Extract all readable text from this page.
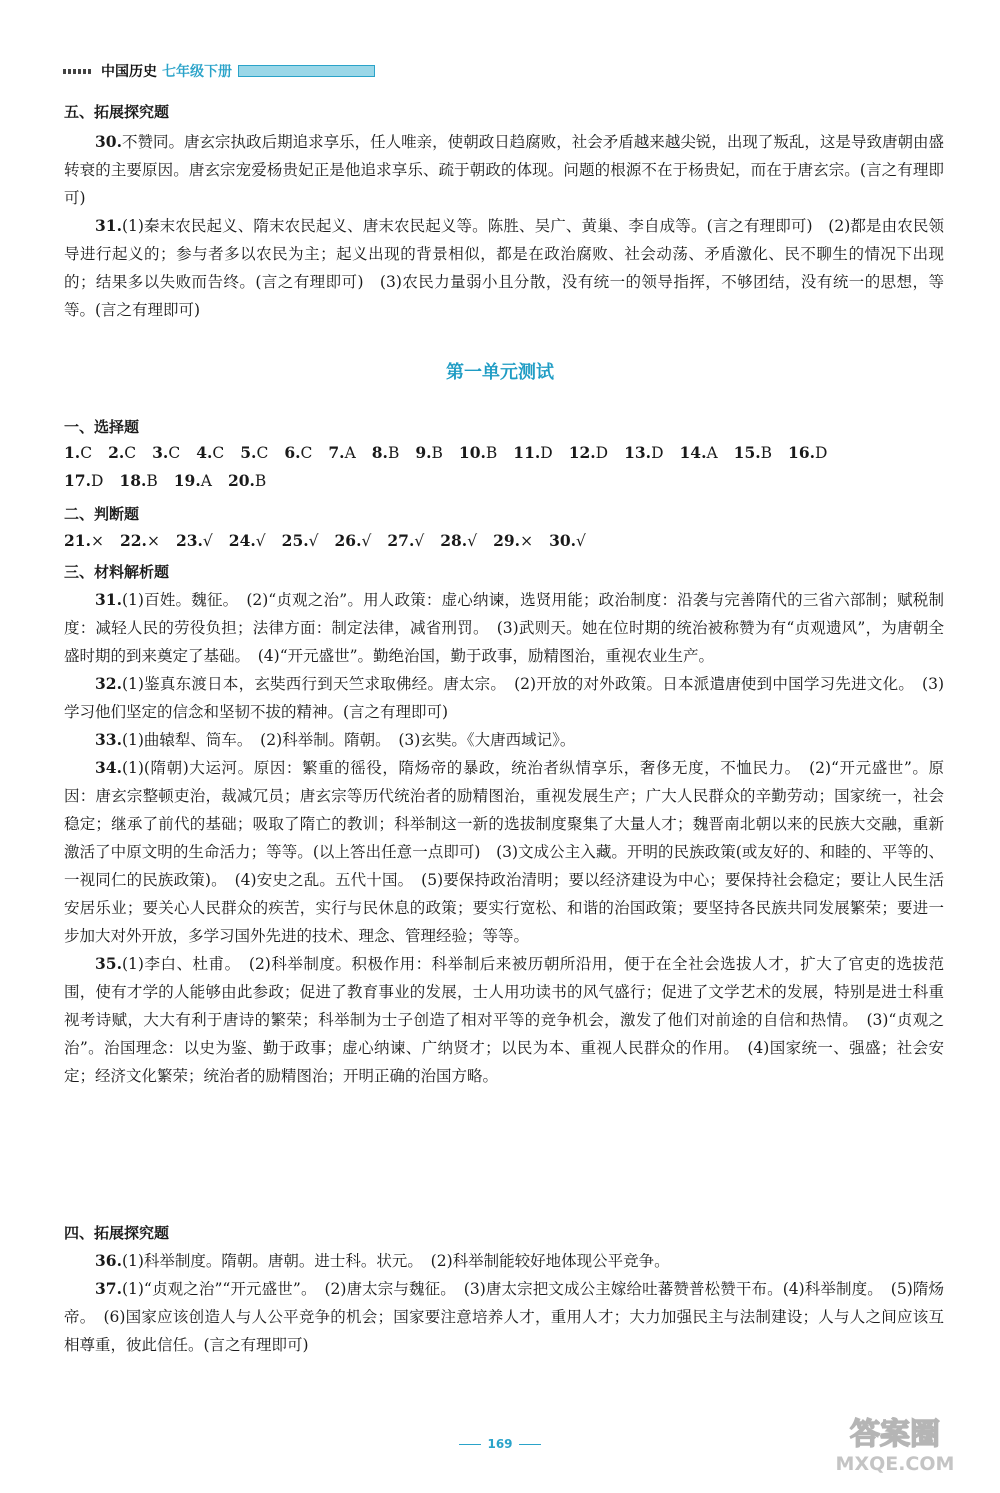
中国历史 七年级下册

五、拓展探究题

30.不赞同。唐玄宗执政后期追求享乐，任人唯亲，使朝政日趋腐败，社会矛盾越来越尖锐，出现了叛乱，这是导致唐朝由盛转衰的主要原因。唐玄宗宠爱杨贵妃正是他追求享乐、疏于朝政的体现。问题的根源不在于杨贵妃，而在于唐玄宗。(言之有理即可)

31.(1)秦末农民起义、隋末农民起义、唐末农民起义等。陈胜、吴广、黄巢、李自成等。(言之有理即可)　(2)都是由农民领导进行起义的；参与者多以农民为主；起义出现的背景相似，都是在政治腐败、社会动荡、矛盾激化、民不聊生的情况下出现的；结果多以失败而告终。(言之有理即可)　(3)农民力量弱小且分散，没有统一的领导指挥，不够团结，没有统一的思想，等等。(言之有理即可)

第一单元测试

一、选择题

1.C 2.C 3.C 4.C 5.C 6.C 7.A 8.B 9.B 10.B 11.D 12.D 13.D 14.A 15.B 16.D
17.D 18.B 19.A 20.B

二、判断题

21.× 22.× 23.√ 24.√ 25.√ 26.√ 27.√ 28.√ 29.× 30.√

三、材料解析题

31.(1)百姓。魏征。　(2)“贞观之治”。用人政策：虚心纳谏，选贤用能；政治制度：沿袭与完善隋代的三省六部制；赋税制度：减轻人民的劳役负担；法律方面：制定法律，减省刑罚。　(3)武则天。她在位时期的统治被称赞为有“贞观遗风”，为唐朝全盛时期的到来奠定了基础。　(4)“开元盛世”。勤绝治国，勤于政事，励精图治，重视农业生产。

32.(1)鉴真东渡日本，玄奘西行到天竺求取佛经。唐太宗。　(2)开放的对外政策。日本派遣唐使到中国学习先进文化。　(3)学习他们坚定的信念和坚韧不拔的精神。(言之有理即可)

33.(1)曲辕犁、筒车。　(2)科举制。隋朝。　(3)玄奘。《大唐西域记》。

34.(1)(隋朝)大运河。原因：繁重的徭役，隋炀帝的暴政，统治者纵情享乐，奢侈无度，不恤民力。　(2)“开元盛世”。原因：唐玄宗整顿吏治，裁减冗员；唐玄宗等历代统治者的励精图治，重视发展生产；广大人民群众的辛勤劳动；国家统一，社会稳定；继承了前代的基础；吸取了隋亡的教训；科举制这一新的选拔制度聚集了大量人才；魏晋南北朝以来的民族大交融，重新激活了中原文明的生命活力；等等。(以上答出任意一点即可)　(3)文成公主入藏。开明的民族政策(或友好的、和睦的、平等的、一视同仁的民族政策)。　(4)安史之乱。五代十国。　(5)要保持政治清明；要以经济建设为中心；要保持社会稳定；要让人民生活安居乐业；要关心人民群众的疾苦，实行与民休息的政策；要实行宽松、和谐的治国政策；要坚持各民族共同发展繁荣；要进一步加大对外开放，多学习国外先进的技术、理念、管理经验；等等。

35.(1)李白、杜甫。　(2)科举制度。积极作用：科举制后来被历朝所沿用，便于在全社会选拔人才，扩大了官吏的选拔范围，使有才学的人能够由此参政；促进了教育事业的发展，士人用功读书的风气盛行；促进了文学艺术的发展，特别是进士科重视考诗赋，大大有利于唐诗的繁荣；科举制为士子创造了相对平等的竞争机会，激发了他们对前途的自信和热情。　(3)“贞观之治”。治国理念：以史为鉴、勤于政事；虚心纳谏、广纳贤才；以民为本、重视人民群众的作用。　(4)国家统一、强盛；社会安定；经济文化繁荣；统治者的励精图治；开明正确的治国方略。

四、拓展探究题

36.(1)科举制度。隋朝。唐朝。进士科。状元。　(2)科举制能较好地体现公平竞争。

37.(1)“贞观之治”“开元盛世”。　(2)唐太宗与魏征。　(3)唐太宗把文成公主嫁给吐蕃赞普松赞干布。(4)科举制度。　(5)隋炀帝。　(6)国家应该创造人与人公平竞争的机会；国家要注意培养人才，重用人才；大力加强民主与法制建设；人与人之间应该互相尊重，彼此信任。(言之有理即可)

169	答案圈
MXQE.COM
